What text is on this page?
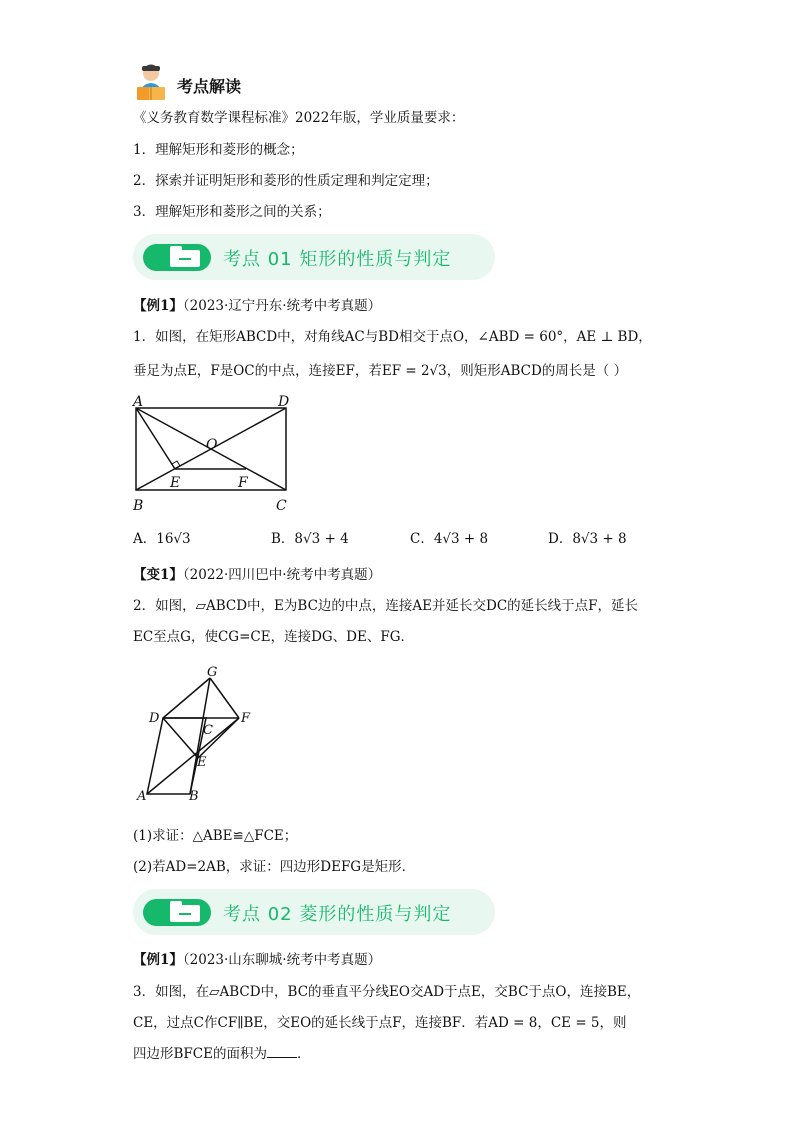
考点解读
《义务教育数学课程标准》2022年版，学业质量要求：
1．理解矩形和菱形的概念；
2．探索并证明矩形和菱形的性质定理和判定定理；
3．理解矩形和菱形之间的关系；
考点 01 矩形的性质与判定
【例1】（2023·辽宁丹东·统考中考真题）
1．如图，在矩形ABCD中，对角线AC与BD相交于点O，∠ABD = 60°，AE ⊥ BD，
垂足为点E，F是OC的中点，连接EF，若EF = 2√3，则矩形ABCD的周长是（ ）
A	D
O
E	F
B	C
A．16√3	B．8√3 + 4	C．4√3 + 8	D．8√3 + 8
【变1】（2022·四川巴中·统考中考真题）
2．如图，▱ABCD中，E为BC边的中点，连接AE并延长交DC的延长线于点F，延长
EC至点G，使CG=CE，连接DG、DE、FG．
G
D	F
C
E
A	B
(1)求证：△ABE≌△FCE；
(2)若AD=2AB，求证：四边形DEFG是矩形．
考点 02 菱形的性质与判定
【例1】（2023·山东聊城·统考中考真题）
3．如图，在▱ABCD中，BC的垂直平分线EO交AD于点E，交BC于点O，连接BE，
CE，过点C作CF∥BE，交EO的延长线于点F，连接BF．若AD = 8，CE = 5，则
四边形BFCE的面积为 ．
